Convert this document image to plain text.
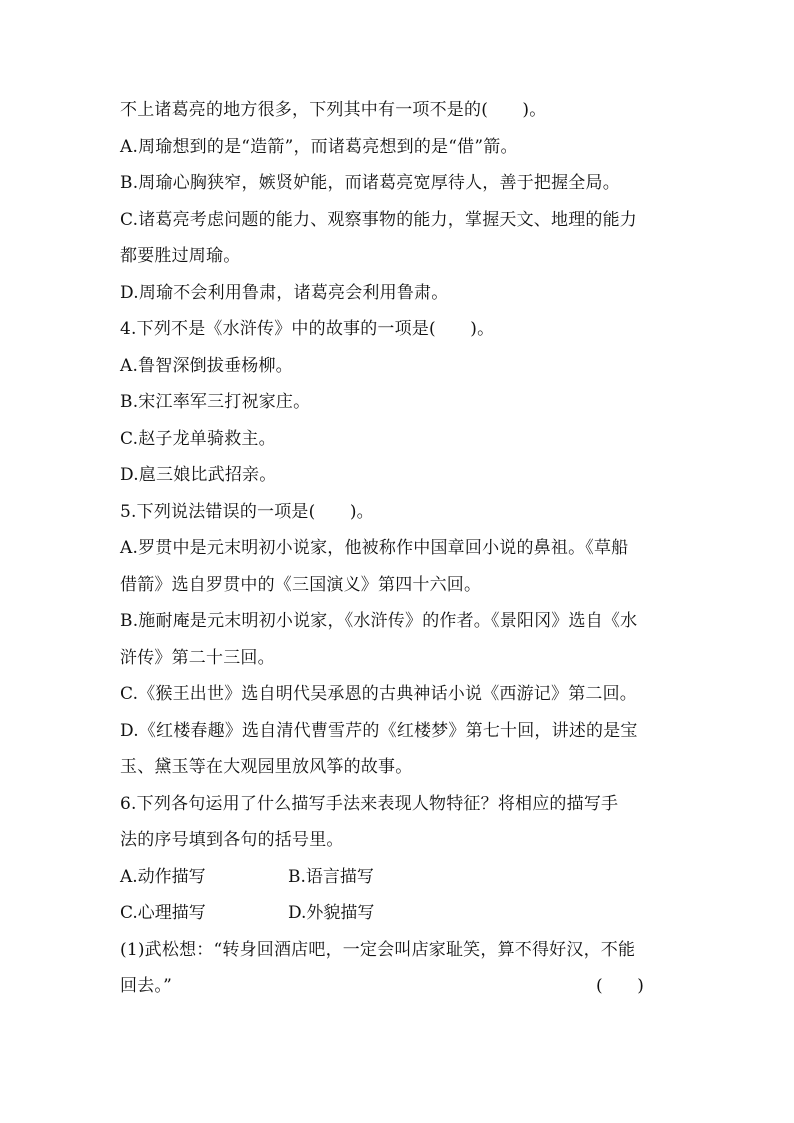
不上诸葛亮的地方很多，下列其中有一项不是的(　　)。
A.周瑜想到的是“造箭”，而诸葛亮想到的是“借”箭。
B.周瑜心胸狭窄，嫉贤妒能，而诸葛亮宽厚待人，善于把握全局。
C.诸葛亮考虑问题的能力、观察事物的能力，掌握天文、地理的能力
都要胜过周瑜。
D.周瑜不会利用鲁肃，诸葛亮会利用鲁肃。
4.下列不是《水浒传》中的故事的一项是(　　)。
A.鲁智深倒拔垂杨柳。
B.宋江率军三打祝家庄。
C.赵子龙单骑救主。
D.扈三娘比武招亲。
5.下列说法错误的一项是(　　)。
A.罗贯中是元末明初小说家，他被称作中国章回小说的鼻祖。《草船
借箭》选自罗贯中的《三国演义》第四十六回。
B.施耐庵是元末明初小说家，《水浒传》的作者。《景阳冈》选自《水
浒传》第二十三回。
C.《猴王出世》选自明代吴承恩的古典神话小说《西游记》第二回。
D.《红楼春趣》选自清代曹雪芹的《红楼梦》第七十回，讲述的是宝
玉、黛玉等在大观园里放风筝的故事。
6.下列各句运用了什么描写手法来表现人物特征？将相应的描写手
法的序号填到各句的括号里。
A.动作描写	B.语言描写
C.心理描写	D.外貌描写
(1)武松想：“转身回酒店吧，一定会叫店家耻笑，算不得好汉，不能
回去。”	(　　)
